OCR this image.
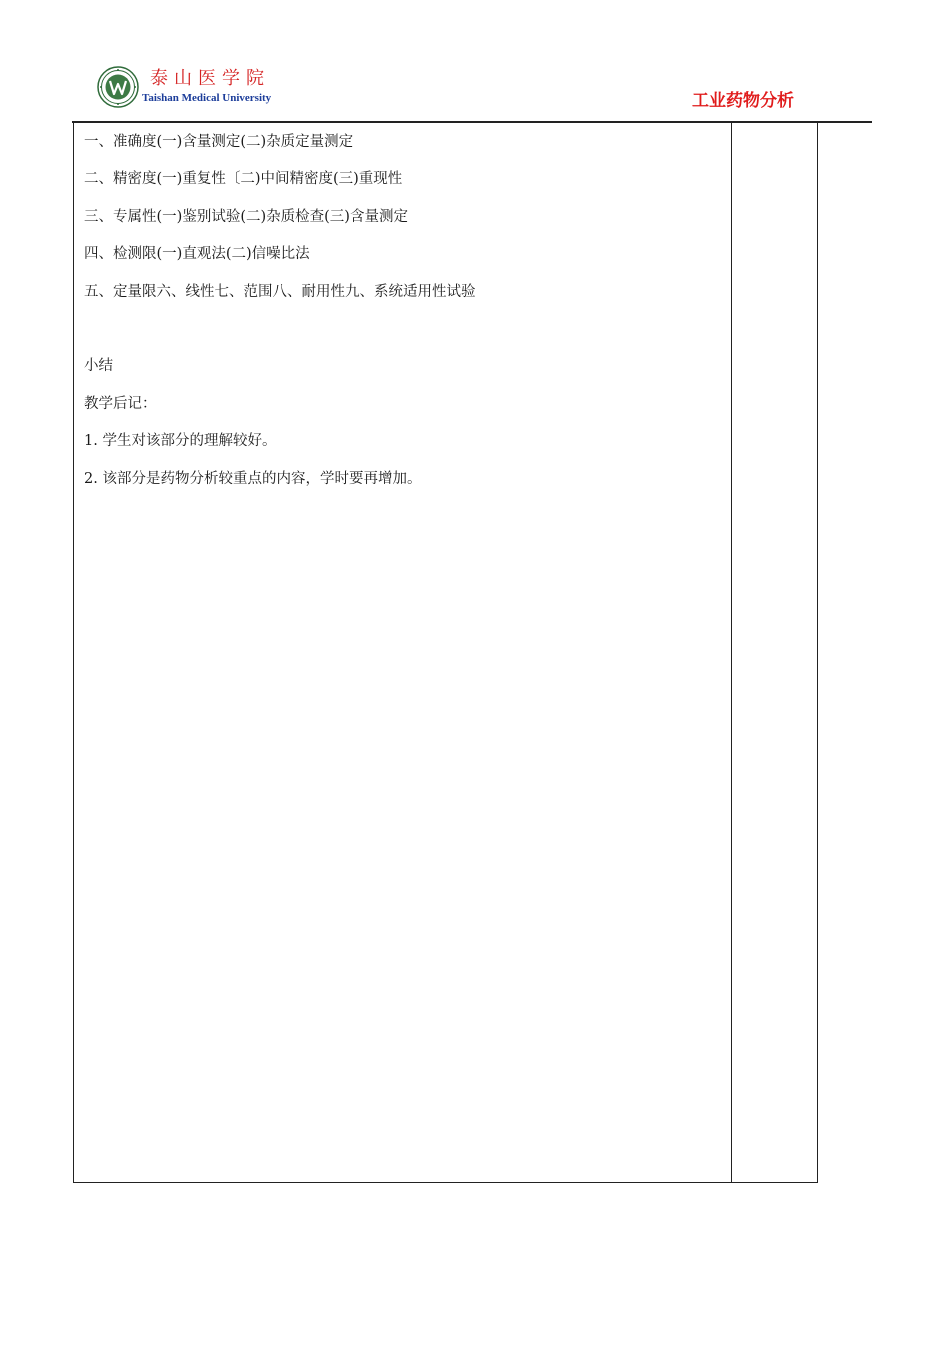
泰山医学院
Taishan Medical University	工业药物分析
一、准确度(一)含量测定(二)杂质定量测定
二、精密度(一)重复性〔二)中间精密度(三)重现性
三、专属性(一)鉴别试验(二)杂质检查(三)含量测定
四、检测限(一)直观法(二)信噪比法
五、定量限六、线性七、范围八、耐用性九、系统适用性试验
小结
教学后记：
1. 学生对该部分的理解较好。
2. 该部分是药物分析较重点的内容，学时要再增加。
